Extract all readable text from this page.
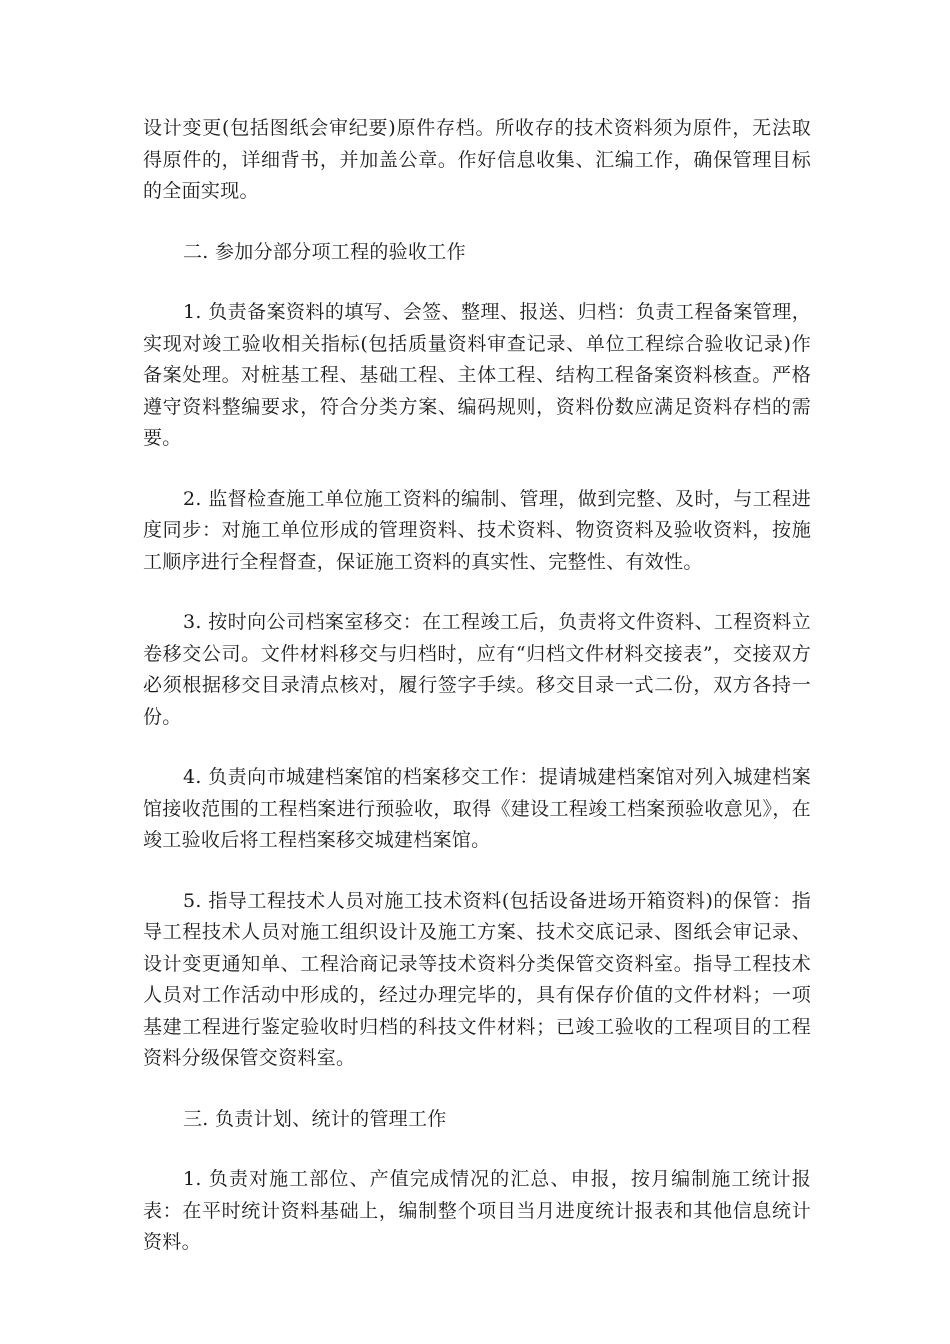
设计变更(包括图纸会审纪要)原件存档。所收存的技术资料须为原件，无法取得原件的，详细背书，并加盖公章。作好信息收集、汇编工作，确保管理目标的全面实现。

二. 参加分部分项工程的验收工作

1. 负责备案资料的填写、会签、整理、报送、归档：负责工程备案管理，实现对竣工验收相关指标(包括质量资料审查记录、单位工程综合验收记录)作备案处理。对桩基工程、基础工程、主体工程、结构工程备案资料核查。严格遵守资料整编要求，符合分类方案、编码规则，资料份数应满足资料存档的需要。

2. 监督检查施工单位施工资料的编制、管理，做到完整、及时，与工程进度同步：对施工单位形成的管理资料、技术资料、物资资料及验收资料，按施工顺序进行全程督查，保证施工资料的真实性、完整性、有效性。

3. 按时向公司档案室移交：在工程竣工后，负责将文件资料、工程资料立卷移交公司。文件材料移交与归档时，应有“归档文件材料交接表”，交接双方必须根据移交目录清点核对，履行签字手续。移交目录一式二份，双方各持一份。

4. 负责向市城建档案馆的档案移交工作：提请城建档案馆对列入城建档案馆接收范围的工程档案进行预验收，取得《建设工程竣工档案预验收意见》，在竣工验收后将工程档案移交城建档案馆。

5. 指导工程技术人员对施工技术资料(包括设备进场开箱资料)的保管：指导工程技术人员对施工组织设计及施工方案、技术交底记录、图纸会审记录、设计变更通知单、工程洽商记录等技术资料分类保管交资料室。指导工程技术人员对工作活动中形成的，经过办理完毕的，具有保存价值的文件材料；一项基建工程进行鉴定验收时归档的科技文件材料；已竣工验收的工程项目的工程资料分级保管交资料室。

三. 负责计划、统计的管理工作

1. 负责对施工部位、产值完成情况的汇总、申报，按月编制施工统计报表：在平时统计资料基础上，编制整个项目当月进度统计报表和其他信息统计资料。
